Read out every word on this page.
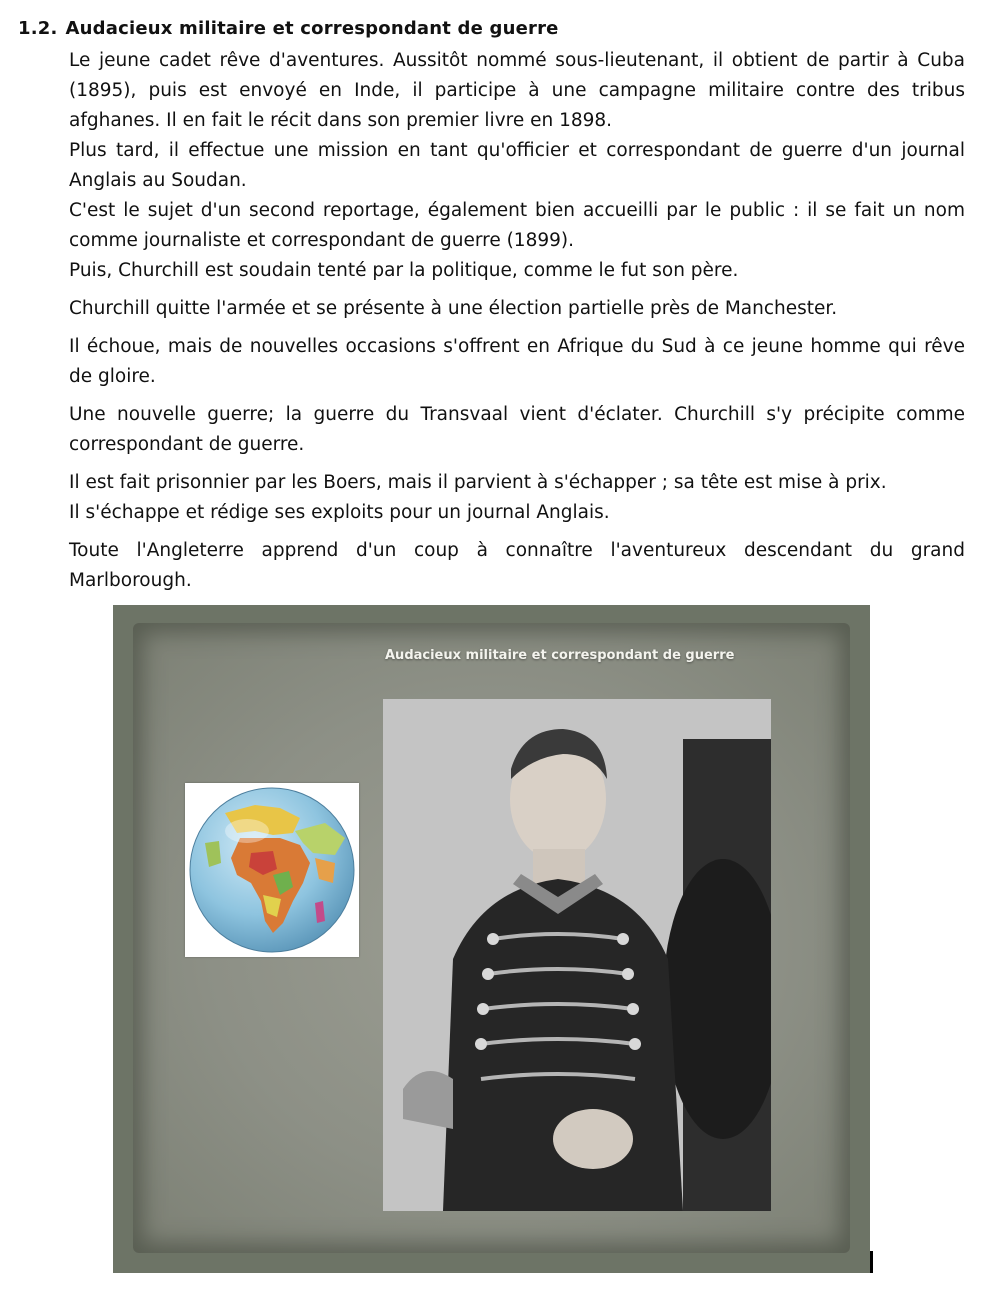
1.2. Audacieux militaire et correspondant de guerre

Le jeune cadet rêve d'aventures. Aussitôt nommé sous-lieutenant, il obtient de partir à Cuba (1895), puis est envoyé en Inde, il participe à une campagne militaire contre des tribus afghanes. Il en fait le récit dans son premier livre en 1898.

Plus tard, il effectue une mission en tant qu'officier et correspondant de guerre d'un journal Anglais au Soudan.

C'est le sujet d'un second reportage, également bien accueilli par le public : il se fait un nom comme journaliste et correspondant de guerre (1899).

Puis, Churchill est soudain tenté par la politique, comme le fut son père.

Churchill quitte l'armée et se présente à une élection partielle près de Manchester.

Il échoue, mais de nouvelles occasions s'offrent en Afrique du Sud à ce jeune homme qui rêve de gloire.

Une nouvelle guerre; la guerre du Transvaal vient d'éclater. Churchill s'y précipite comme correspondant de guerre.

Il est fait prisonnier par les Boers, mais il parvient à s'échapper ; sa tête est mise à prix.

Il s'échappe et rédige ses exploits pour un journal Anglais.

Toute l'Angleterre apprend d'un coup à connaître l'aventureux descendant du grand Marlborough.

Audacieux militaire et correspondant de guerre
